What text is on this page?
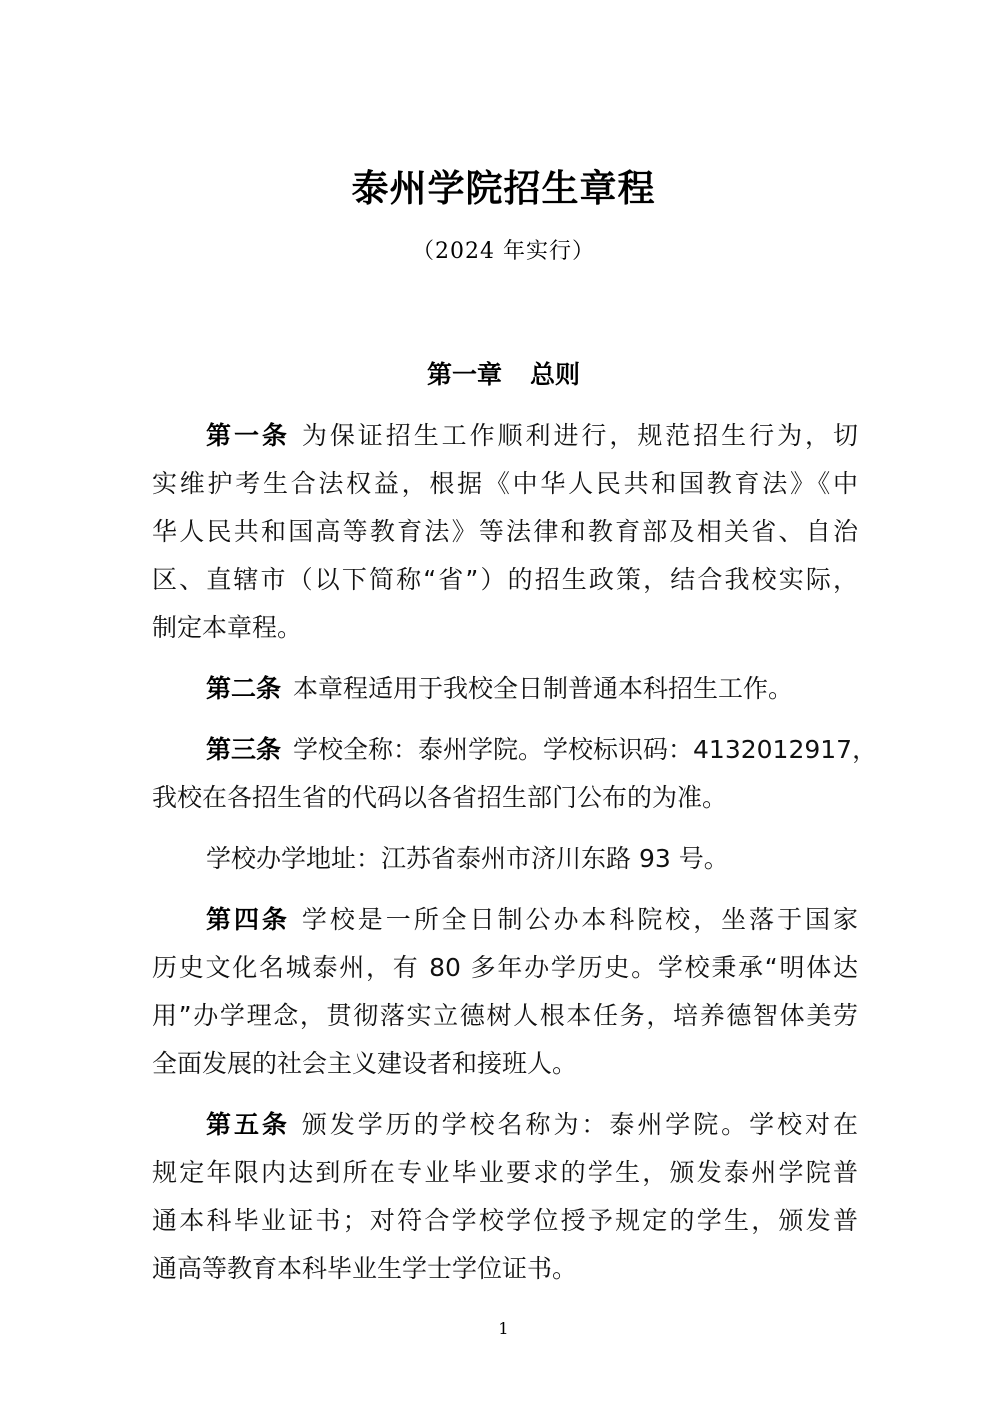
泰州学院招生章程
（2024 年实行）
第一章 总则
第一条 为保证招生工作顺利进行，规范招生行为，切
实维护考生合法权益，根据《中华人民共和国教育法》《中
华人民共和国高等教育法》等法律和教育部及相关省、自治
区、直辖市（以下简称“省”）的招生政策，结合我校实际，
制定本章程。
第二条 本章程适用于我校全日制普通本科招生工作。
第三条 学校全称：泰州学院。学校标识码：4132012917，
我校在各招生省的代码以各省招生部门公布的为准。
学校办学地址：江苏省泰州市济川东路 93 号。
第四条 学校是一所全日制公办本科院校，坐落于国家
历史文化名城泰州，有 80 多年办学历史。学校秉承“明体达
用”办学理念，贯彻落实立德树人根本任务，培养德智体美劳
全面发展的社会主义建设者和接班人。
第五条 颁发学历的学校名称为：泰州学院。学校对在
规定年限内达到所在专业毕业要求的学生，颁发泰州学院普
通本科毕业证书；对符合学校学位授予规定的学生，颁发普
通高等教育本科毕业生学士学位证书。
1
